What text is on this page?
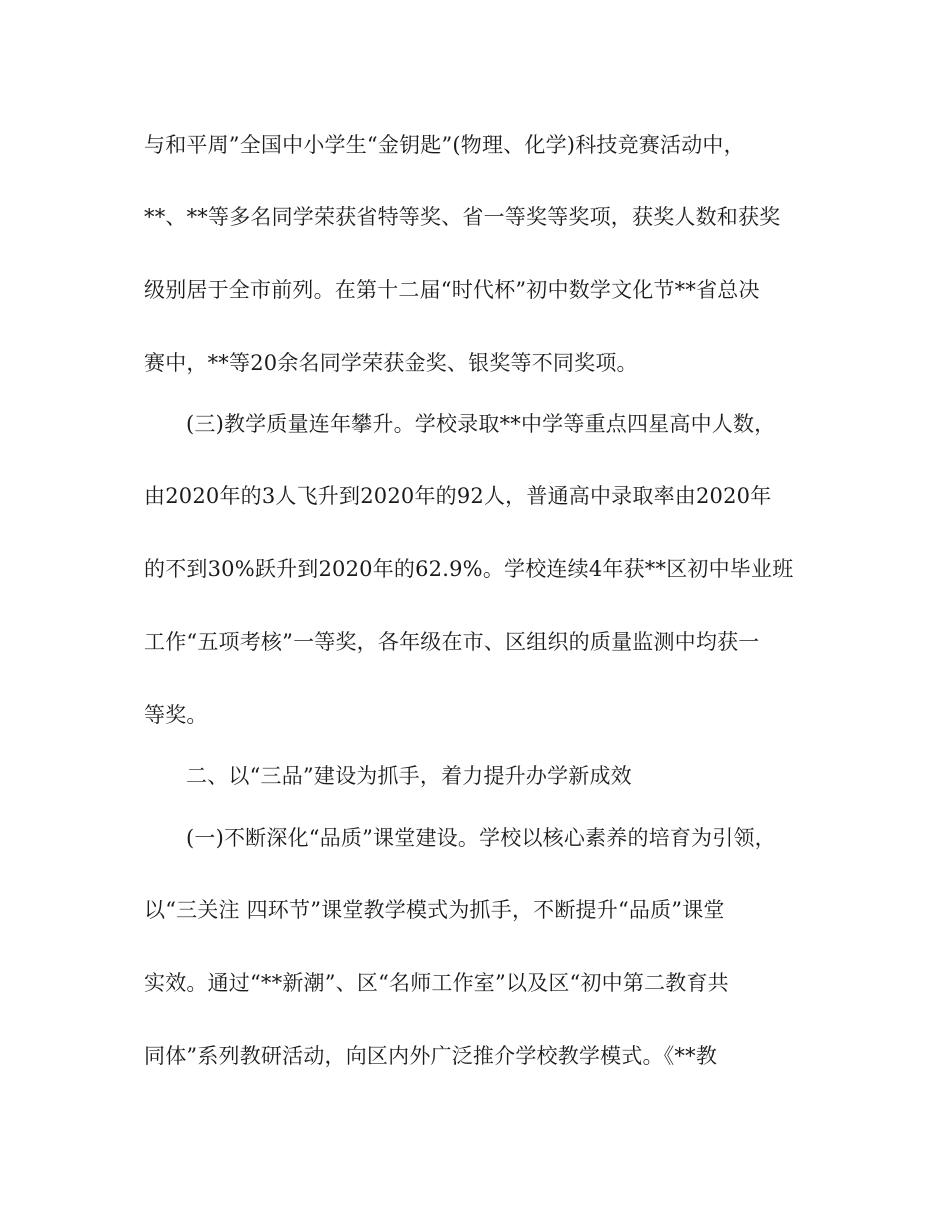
与和平周”全国中小学生“金钥匙”(物理、化学)科技竞赛活动中，
**、**等多名同学荣获省特等奖、省一等奖等奖项，获奖人数和获奖
级别居于全市前列。在第十二届“时代杯”初中数学文化节**省总决
赛中，**等20余名同学荣获金奖、银奖等不同奖项。
(三)教学质量连年攀升。学校录取**中学等重点四星高中人数，
由2020年的3人飞升到2020年的92人，普通高中录取率由2020年
的不到30%跃升到2020年的62.9%。学校连续4年获**区初中毕业班
工作“五项考核”一等奖，各年级在市、区组织的质量监测中均获一
等奖。
二、以“三品”建设为抓手，着力提升办学新成效
(一)不断深化“品质”课堂建设。学校以核心素养的培育为引领，
以“三关注 四环节”课堂教学模式为抓手，不断提升“品质”课堂
实效。通过“**新潮”、区“名师工作室”以及区“初中第二教育共
同体”系列教研活动，向区内外广泛推介学校教学模式。《**教
